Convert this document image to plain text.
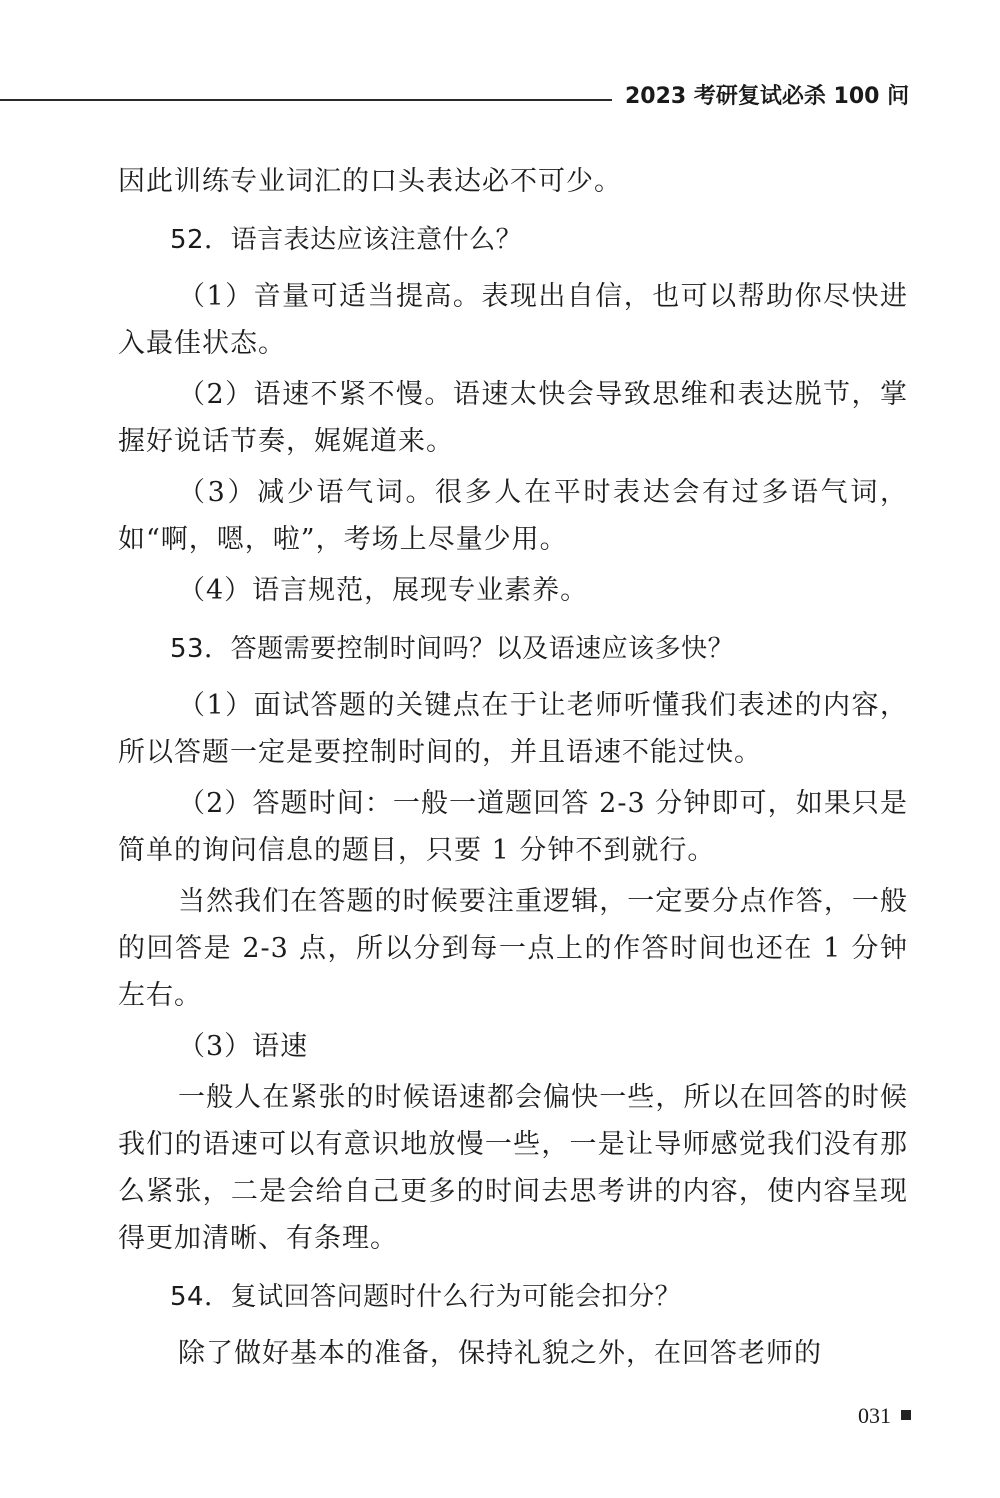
2023 考研复试必杀 100 问

因此训练专业词汇的口头表达必不可少。

52．语言表达应该注意什么？

（1）音量可适当提高。表现出自信，也可以帮助你尽快进入最佳状态。

（2）语速不紧不慢。语速太快会导致思维和表达脱节，掌握好说话节奏，娓娓道来。

（3）减少语气词。很多人在平时表达会有过多语气词，如“啊，嗯，啦”，考场上尽量少用。

（4）语言规范，展现专业素养。

53．答题需要控制时间吗？以及语速应该多快？

（1）面试答题的关键点在于让老师听懂我们表述的内容，所以答题一定是要控制时间的，并且语速不能过快。

（2）答题时间：一般一道题回答 2-3 分钟即可，如果只是简单的询问信息的题目，只要 1 分钟不到就行。

当然我们在答题的时候要注重逻辑，一定要分点作答，一般的回答是 2-3 点，所以分到每一点上的作答时间也还在 1 分钟左右。

（3）语速

一般人在紧张的时候语速都会偏快一些，所以在回答的时候我们的语速可以有意识地放慢一些，一是让导师感觉我们没有那么紧张，二是会给自己更多的时间去思考讲的内容，使内容呈现得更加清晰、有条理。

54．复试回答问题时什么行为可能会扣分？

除了做好基本的准备，保持礼貌之外，在回答老师的

031
